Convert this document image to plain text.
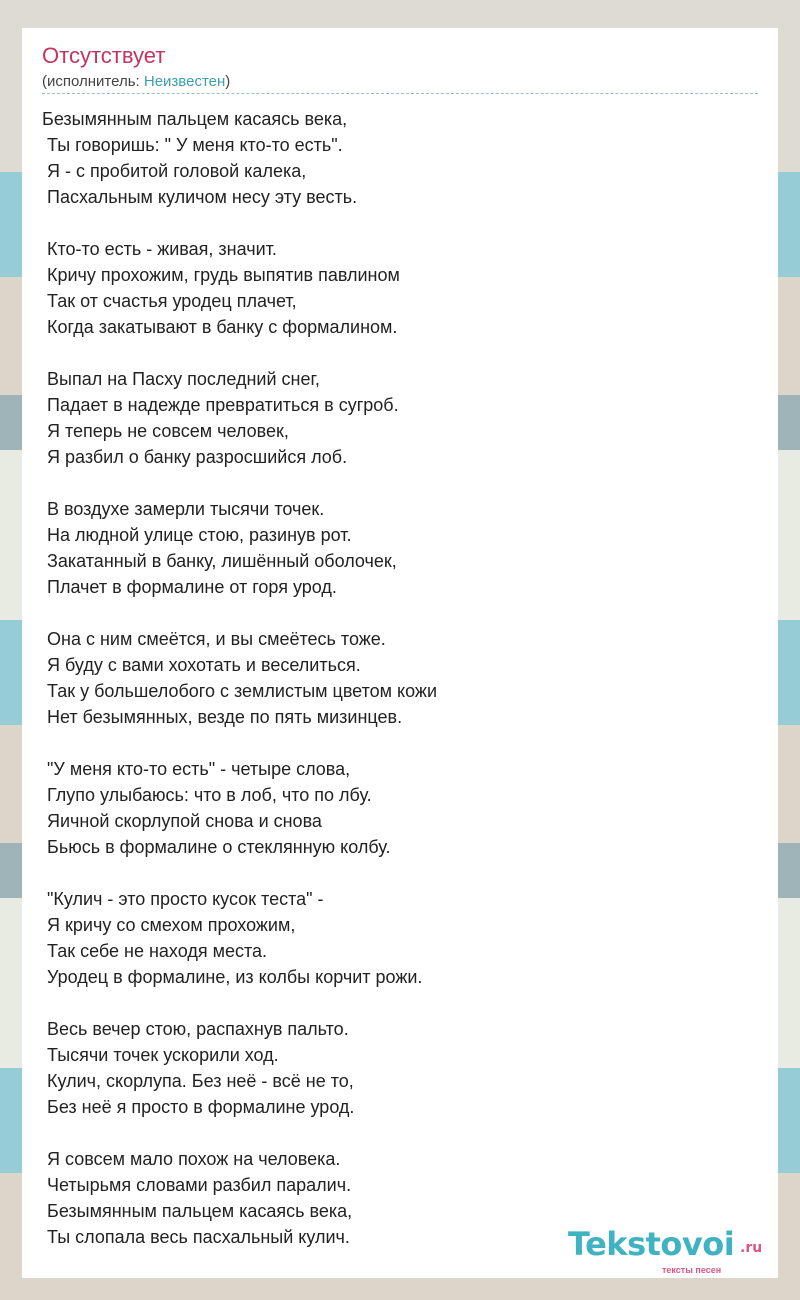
Отсутствует
(исполнитель: Неизвестен)
Безымянным пальцем касаясь века,
Ты говоришь: " У меня кто-то есть".
Я - с пробитой головой калека,
Пасхальным куличом несу эту весть.
Кто-то есть - живая, значит.
Кричу прохожим, грудь выпятив павлином
Так от счастья уродец плачет,
Когда закатывают в банку с формалином.
Выпал на Пасху последний снег,
Падает в надежде превратиться в сугроб.
Я теперь не совсем человек,
Я разбил о банку разросшийся лоб.
В воздухе замерли тысячи точек.
На людной улице стою, разинув рот.
Закатанный в банку, лишённый оболочек,
Плачет в формалине от горя урод.
Она с ним смеётся, и вы смеётесь тоже.
Я буду с вами хохотать и веселиться.
Так у большелобого с землистым цветом кожи
Нет безымянных, везде по пять мизинцев.
"У меня кто-то есть" - четыре слова,
Глупо улыбаюсь: что в лоб, что по лбу.
Яичной скорлупой снова и снова
Бьюсь в формалине о стеклянную колбу.
"Кулич - это просто кусок теста" -
Я кричу со смехом прохожим,
Так себе не находя места.
Уродец в формалине, из колбы корчит рожи.
Весь вечер стою, распахнув пальто.
Тысячи точек ускорили ход.
Кулич, скорлупа. Без неё - всё не то,
Без неё я просто в формалине урод.
Я совсем мало похож на человека.
Четырьмя словами разбил паралич.
Безымянным пальцем касаясь века,
Ты слопала весь пасхальный кулич.	Tekstovoi .ru
тексты песен
